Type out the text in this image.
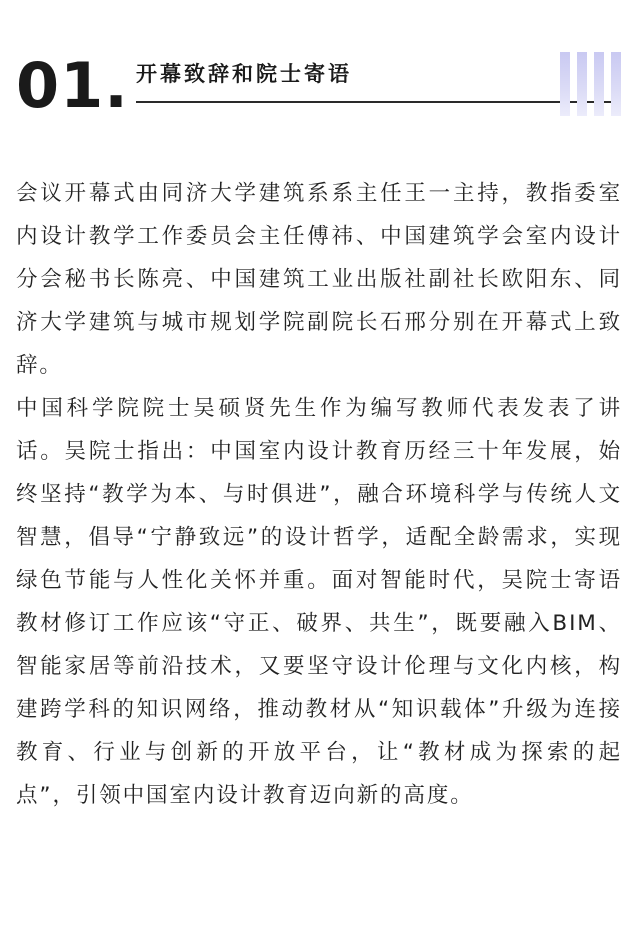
01. 开幕致辞和院士寄语

会议开幕式由同济大学建筑系系主任王一主持，教指委室内设计教学工作委员会主任傅祎、中国建筑学会室内设计分会秘书长陈亮、中国建筑工业出版社副社长欧阳东、同济大学建筑与城市规划学院副院长石邢分别在开幕式上致辞。

中国科学院院士吴硕贤先生作为编写教师代表发表了讲话。吴院士指出：中国室内设计教育历经三十年发展，始终坚持“教学为本、与时俱进”，融合环境科学与传统人文智慧，倡导“宁静致远”的设计哲学，适配全龄需求，实现绿色节能与人性化关怀并重。面对智能时代，吴院士寄语教材修订工作应该“守正、破界、共生”，既要融入BIM、智能家居等前沿技术，又要坚守设计伦理与文化内核，构建跨学科的知识网络，推动教材从“知识载体”升级为连接教育、行业与创新的开放平台，让“教材成为探索的起点”，引领中国室内设计教育迈向新的高度。
